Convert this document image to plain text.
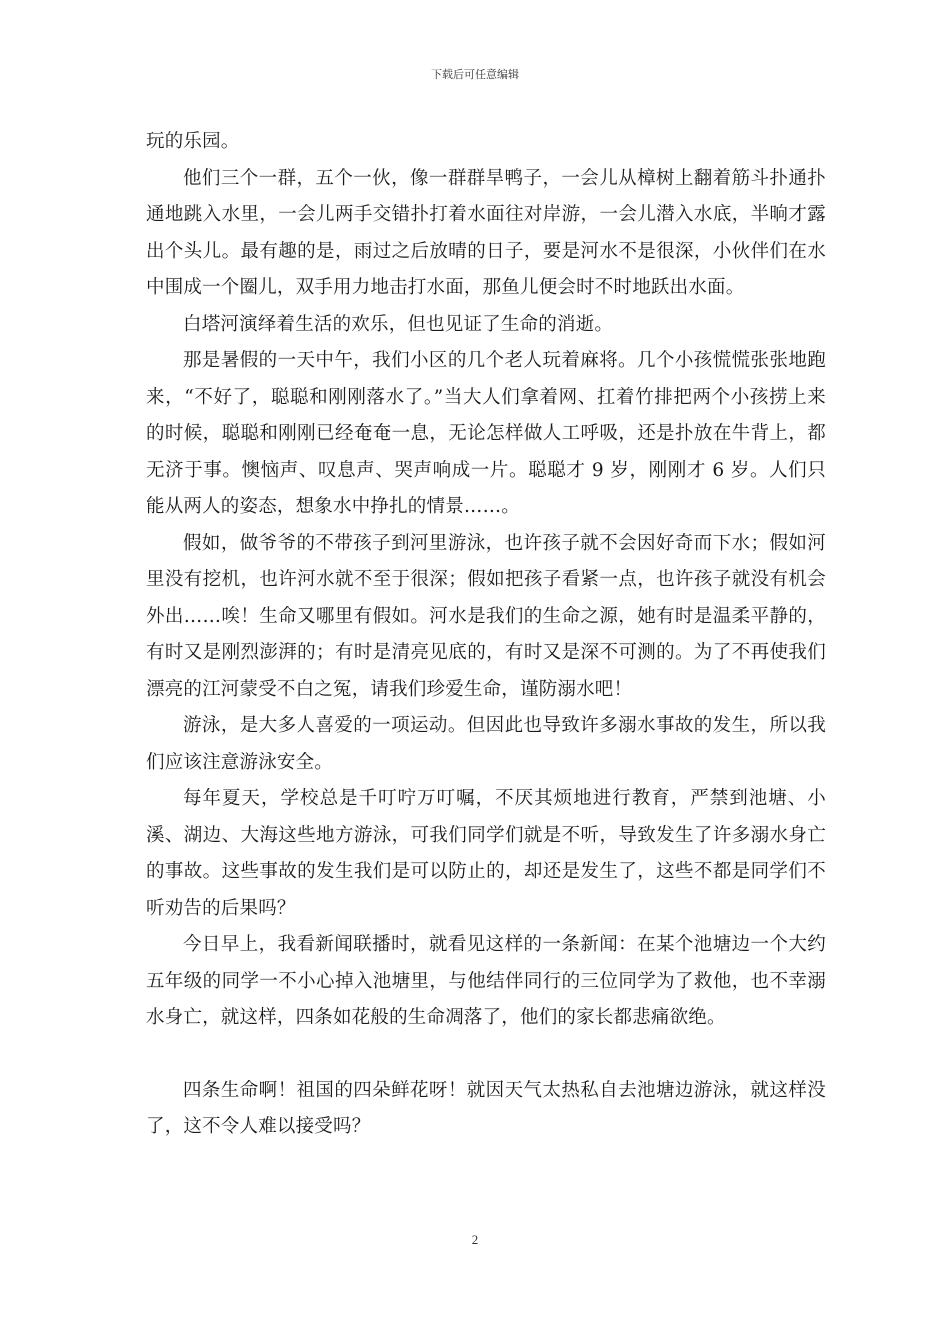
下载后可任意编辑

玩的乐园。

他们三个一群，五个一伙，像一群群旱鸭子，一会儿从樟树上翻着筋斗扑通扑通地跳入水里，一会儿两手交错扑打着水面往对岸游，一会儿潜入水底，半晌才露出个头儿。最有趣的是，雨过之后放晴的日子，要是河水不是很深，小伙伴们在水中围成一个圈儿，双手用力地击打水面，那鱼儿便会时不时地跃出水面。

白塔河演绎着生活的欢乐，但也见证了生命的消逝。

那是暑假的一天中午，我们小区的几个老人玩着麻将。几个小孩慌慌张张地跑来，“不好了，聪聪和刚刚落水了。”当大人们拿着网、扛着竹排把两个小孩捞上来的时候，聪聪和刚刚已经奄奄一息，无论怎样做人工呼吸，还是扑放在牛背上，都无济于事。懊恼声、叹息声、哭声响成一片。聪聪才 9 岁，刚刚才 6 岁。人们只能从两人的姿态，想象水中挣扎的情景……。

假如，做爷爷的不带孩子到河里游泳，也许孩子就不会因好奇而下水；假如河里没有挖机，也许河水就不至于很深；假如把孩子看紧一点，也许孩子就没有机会外出……唉！生命又哪里有假如。河水是我们的生命之源，她有时是温柔平静的，有时又是刚烈澎湃的；有时是清亮见底的，有时又是深不可测的。为了不再使我们漂亮的江河蒙受不白之冤，请我们珍爱生命，谨防溺水吧！

游泳，是大多人喜爱的一项运动。但因此也导致许多溺水事故的发生，所以我们应该注意游泳安全。

每年夏天，学校总是千叮咛万叮嘱，不厌其烦地进行教育，严禁到池塘、小溪、湖边、大海这些地方游泳，可我们同学们就是不听，导致发生了许多溺水身亡的事故。这些事故的发生我们是可以防止的，却还是发生了，这些不都是同学们不听劝告的后果吗？

今日早上，我看新闻联播时，就看见这样的一条新闻：在某个池塘边一个大约五年级的同学一不小心掉入池塘里，与他结伴同行的三位同学为了救他，也不幸溺水身亡，就这样，四条如花般的生命凋落了，他们的家长都悲痛欲绝。

四条生命啊！祖国的四朵鲜花呀！就因天气太热私自去池塘边游泳，就这样没了，这不令人难以接受吗？

2
